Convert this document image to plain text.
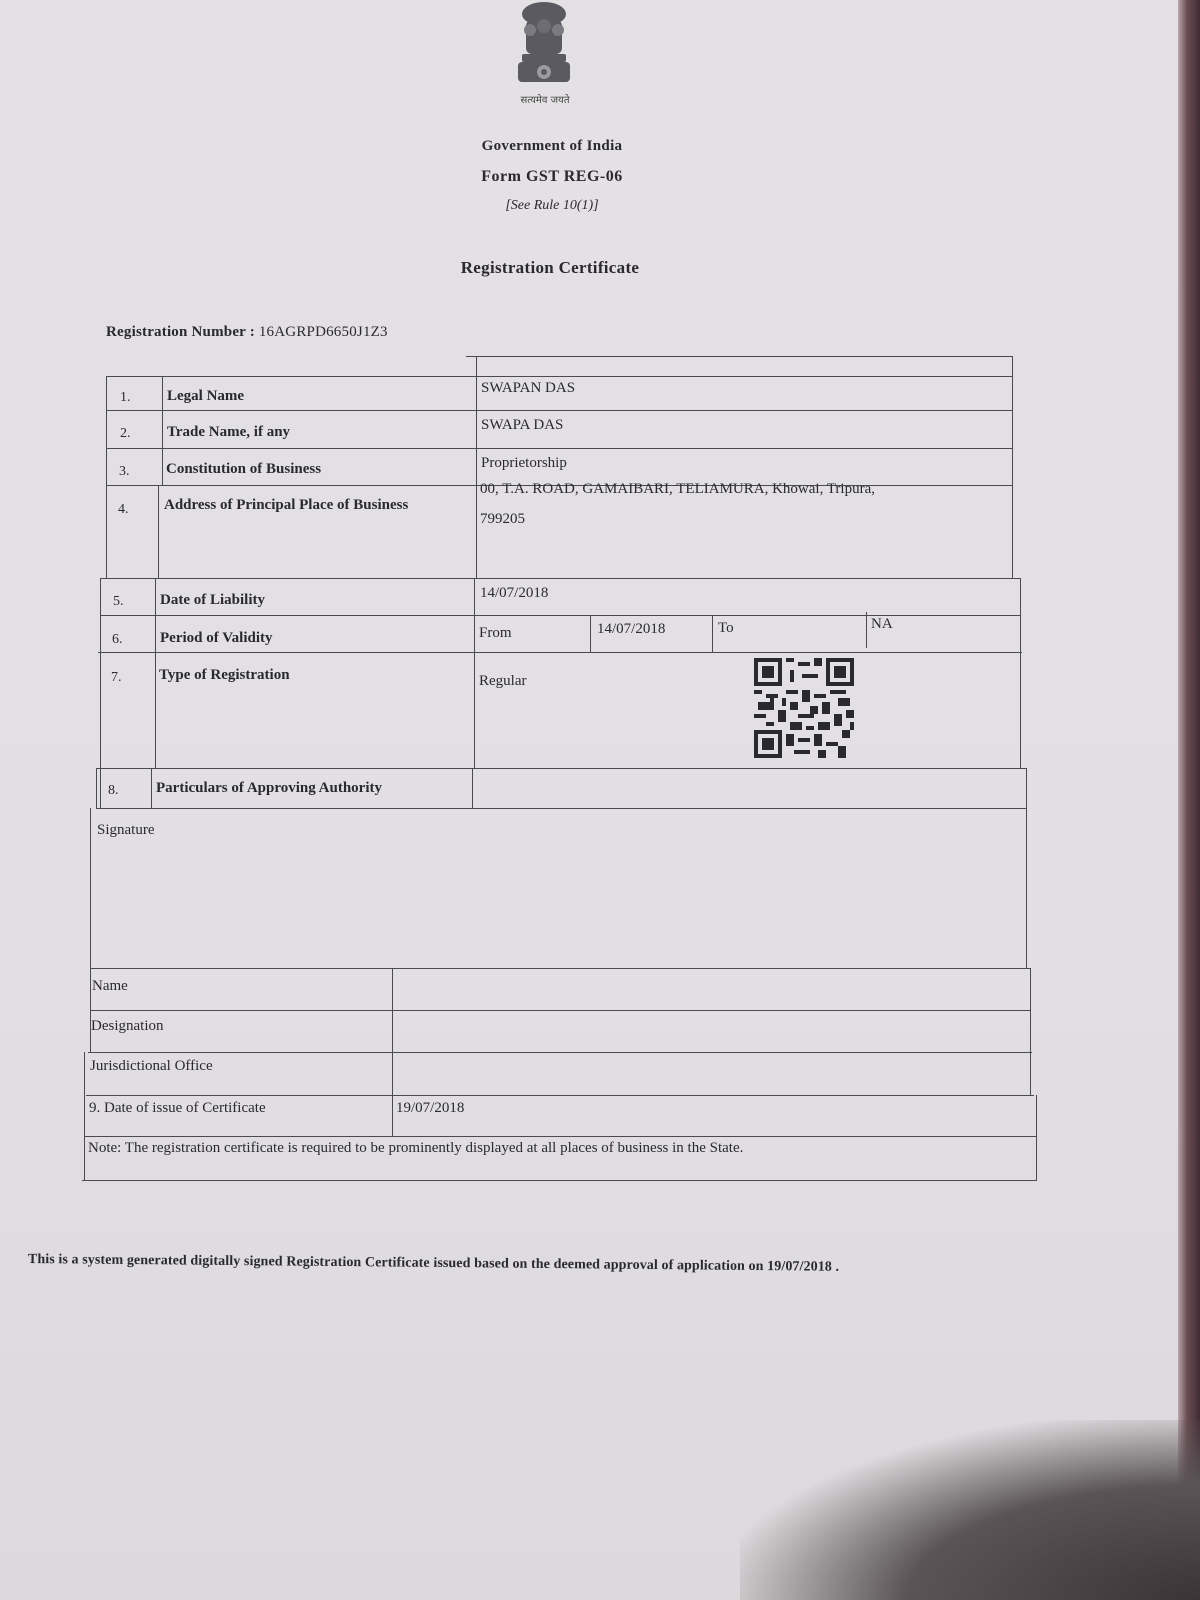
सत्यमेव जयते
Government of India
Form GST REG-06
[See Rule 10(1)]
Registration Certificate
Registration Number : 16AGRPD6650J1Z3
1. Legal Name	SWAPAN DAS
2. Trade Name, if any	SWAPA DAS
3. Constitution of Business	Proprietorship
4. Address of Principal Place of Business
00, T.A. ROAD, GAMAIBARI, TELIAMURA, Khowai, Tripura,
799205
5. Date of Liability	14/07/2018
6.	Period of Validity	From	14/07/2018	To	NA
7.	Type of Registration	Regular
8.	Particulars of Approving Authority
Signature
Name
Designation
Jurisdictional Office
9. Date of issue of Certificate	19/07/2018
Note: The registration certificate is required to be prominently displayed at all places of business in the State.
This is a system generated digitally signed Registration Certificate issued based on the deemed approval of application on 19/07/2018 .
